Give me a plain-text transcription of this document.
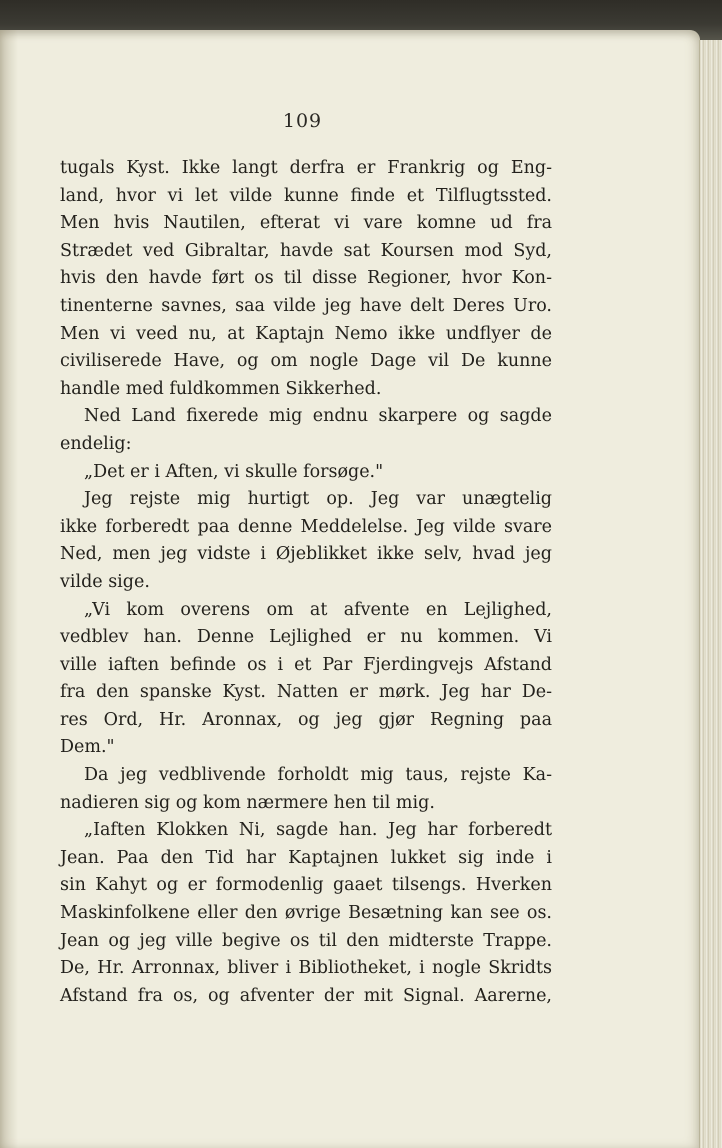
109
tugals Kyst. Ikke langt derfra er Frankrig og Eng-
land, hvor vi let vilde kunne finde et Tilflugtssted.
Men hvis Nautilen, efterat vi vare komne ud fra
Strædet ved Gibraltar, havde sat Koursen mod Syd,
hvis den havde ført os til disse Regioner, hvor Kon-
tinenterne savnes, saa vilde jeg have delt Deres Uro.
Men vi veed nu, at Kaptajn Nemo ikke undflyer de
civiliserede Have, og om nogle Dage vil De kunne
handle med fuldkommen Sikkerhed.
Ned Land fixerede mig endnu skarpere og sagde
endelig:
„Det er i Aften, vi skulle forsøge."
Jeg rejste mig hurtigt op. Jeg var unægtelig
ikke forberedt paa denne Meddelelse. Jeg vilde svare
Ned, men jeg vidste i Øjeblikket ikke selv, hvad jeg
vilde sige.
„Vi kom overens om at afvente en Lejlighed,
vedblev han. Denne Lejlighed er nu kommen. Vi
ville iaften befinde os i et Par Fjerdingvejs Afstand
fra den spanske Kyst. Natten er mørk. Jeg har De-
res Ord, Hr. Aronnax, og jeg gjør Regning paa
Dem."
Da jeg vedblivende forholdt mig taus, rejste Ka-
nadieren sig og kom nærmere hen til mig.
„Iaften Klokken Ni, sagde han. Jeg har forberedt
Jean. Paa den Tid har Kaptajnen lukket sig inde i
sin Kahyt og er formodenlig gaaet tilsengs. Hverken
Maskinfolkene eller den øvrige Besætning kan see os.
Jean og jeg ville begive os til den midterste Trappe.
De, Hr. Arronnax, bliver i Bibliotheket, i nogle Skridts
Afstand fra os, og afventer der mit Signal. Aarerne,
